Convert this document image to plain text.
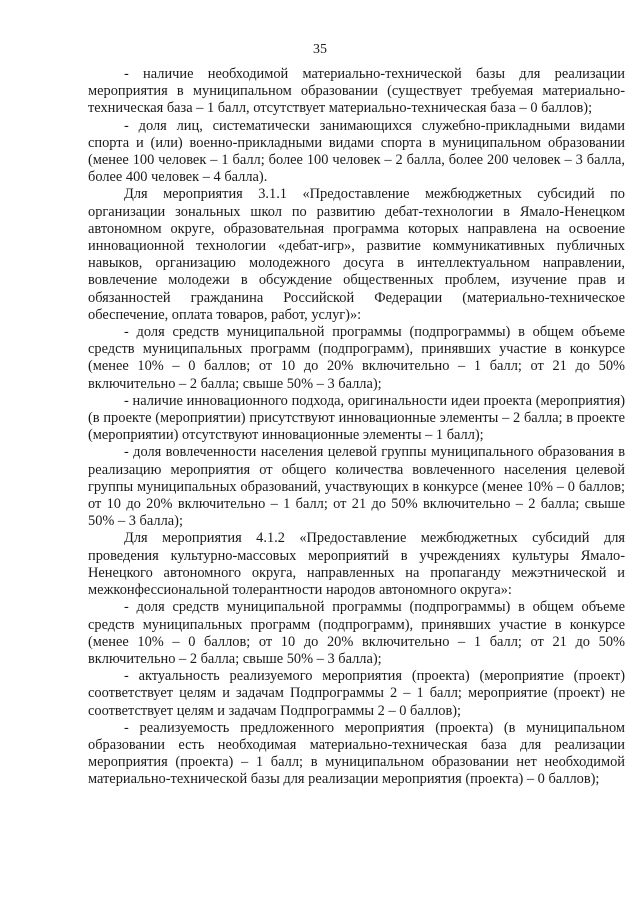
35

- наличие необходимой материально-технической базы для реализации мероприятия в муниципальном образовании (существует требуемая материально-техническая база – 1 балл, отсутствует материально-техническая база – 0 баллов);

- доля лиц, систематически занимающихся служебно-прикладными видами спорта и (или) военно-прикладными видами спорта в муниципальном образовании (менее 100 человек – 1 балл; более 100 человек – 2 балла, более 200 человек – 3 балла, более 400 человек – 4 балла).

Для мероприятия 3.1.1 «Предоставление межбюджетных субсидий по организации зональных школ по развитию дебат-технологии в Ямало-Ненецком автономном округе, образовательная программа которых направлена на освоение инновационной технологии «дебат-игр», развитие коммуникативных публичных навыков, организацию молодежного досуга в интеллектуальном направлении, вовлечение молодежи в обсуждение общественных проблем, изучение прав и обязанностей гражданина Российской Федерации (материально-техническое обеспечение, оплата товаров, работ, услуг)»:

- доля средств муниципальной программы (подпрограммы) в общем объеме средств муниципальных программ (подпрограмм), принявших участие в конкурсе (менее 10% – 0 баллов; от 10 до 20% включительно – 1 балл; от 21 до 50% включительно – 2 балла; свыше 50% – 3 балла);

- наличие инновационного подхода, оригинальности идеи проекта (мероприятия) (в проекте (мероприятии) присутствуют инновационные элементы – 2 балла; в проекте (мероприятии) отсутствуют инновационные элементы – 1 балл);

- доля вовлеченности населения целевой группы муниципального образования в реализацию мероприятия от общего количества вовлеченного населения целевой группы муниципальных образований, участвующих в конкурсе (менее 10% – 0 баллов; от 10 до 20% включительно – 1 балл; от 21 до 50% включительно – 2 балла; свыше 50% – 3 балла);

Для мероприятия 4.1.2 «Предоставление межбюджетных субсидий для проведения культурно-массовых мероприятий в учреждениях культуры Ямало-Ненецкого автономного округа, направленных на пропаганду межэтнической и межконфессиональной толерантности народов автономного округа»:

- доля средств муниципальной программы (подпрограммы) в общем объеме средств муниципальных программ (подпрограмм), принявших участие в конкурсе (менее 10% – 0 баллов; от 10 до 20% включительно – 1 балл; от 21 до 50% включительно – 2 балла; свыше 50% – 3 балла);

- актуальность реализуемого мероприятия (проекта) (мероприятие (проект) соответствует целям и задачам Подпрограммы 2 – 1 балл; мероприятие (проект) не соответствует целям и задачам Подпрограммы 2 – 0 баллов);

- реализуемость предложенного мероприятия (проекта) (в муниципальном образовании есть необходимая материально-техническая база для реализации мероприятия (проекта) – 1 балл; в муниципальном образовании нет необходимой материально-технической базы для реализации мероприятия (проекта) – 0 баллов);
